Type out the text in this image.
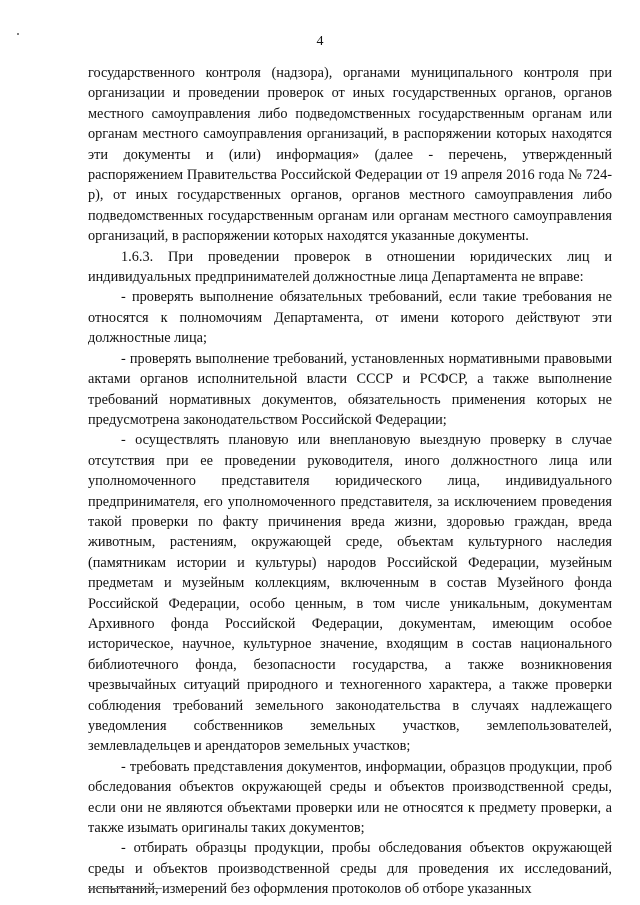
4

государственного контроля (надзора), органами муниципального контроля при организации и проведении проверок от иных государственных органов, органов местного самоуправления либо подведомственных государственным органам или органам местного самоуправления организаций, в распоряжении которых находятся эти документы и (или) информация» (далее - перечень, утвержденный распоряжением Правительства Российской Федерации от 19 апреля 2016 года № 724-р), от иных государственных органов, органов местного самоуправления либо подведомственных государственным органам или органам местного самоуправления организаций, в распоряжении которых находятся указанные документы.

1.6.3. При проведении проверок в отношении юридических лиц и индивидуальных предпринимателей должностные лица Департамента не вправе:

- проверять выполнение обязательных требований, если такие требования не относятся к полномочиям Департамента, от имени которого действуют эти должностные лица;

- проверять выполнение требований, установленных нормативными правовыми актами органов исполнительной власти СССР и РСФСР, а также выполнение требований нормативных документов, обязательность применения которых не предусмотрена законодательством Российской Федерации;

- осуществлять плановую или внеплановую выездную проверку в случае отсутствия при ее проведении руководителя, иного должностного лица или уполномоченного представителя юридического лица, индивидуального предпринимателя, его уполномоченного представителя, за исключением проведения такой проверки по факту причинения вреда жизни, здоровью граждан, вреда животным, растениям, окружающей среде, объектам культурного наследия (памятникам истории и культуры) народов Российской Федерации, музейным предметам и музейным коллекциям, включенным в состав Музейного фонда Российской Федерации, особо ценным, в том числе уникальным, документам Архивного фонда Российской Федерации, документам, имеющим особое историческое, научное, культурное значение, входящим в состав национального библиотечного фонда, безопасности государства, а также возникновения чрезвычайных ситуаций природного и техногенного характера, а также проверки соблюдения требований земельного законодательства в случаях надлежащего уведомления собственников земельных участков, землепользователей, землевладельцев и арендаторов земельных участков;

- требовать представления документов, информации, образцов продукции, проб обследования объектов окружающей среды и объектов производственной среды, если они не являются объектами проверки или не относятся к предмету проверки, а также изымать оригиналы таких документов;

- отбирать образцы продукции, пробы обследования объектов окружающей среды и объектов производственной среды для проведения их исследований, испытаний, измерений без оформления протоколов об отборе указанных
